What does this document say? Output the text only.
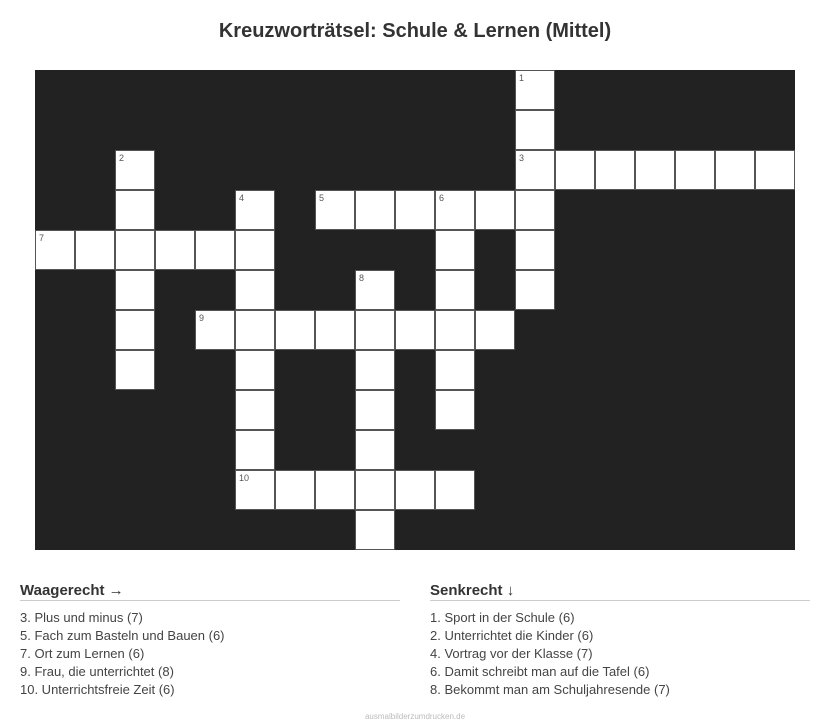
Kreuzworträtsel: Schule & Lernen (Mittel)
1
2	3
4	5	6
7
8
9
10
Waagerecht →
3. Plus und minus (7)
5. Fach zum Basteln und Bauen (6)
7. Ort zum Lernen (6)
9. Frau, die unterrichtet (8)
10. Unterrichtsfreie Zeit (6)
Senkrecht ↓
1. Sport in der Schule (6)
2. Unterrichtet die Kinder (6)
4. Vortrag vor der Klasse (7)
6. Damit schreibt man auf die Tafel (6)
8. Bekommt man am Schuljahresende (7)
ausmalbilderzumdrucken.de
